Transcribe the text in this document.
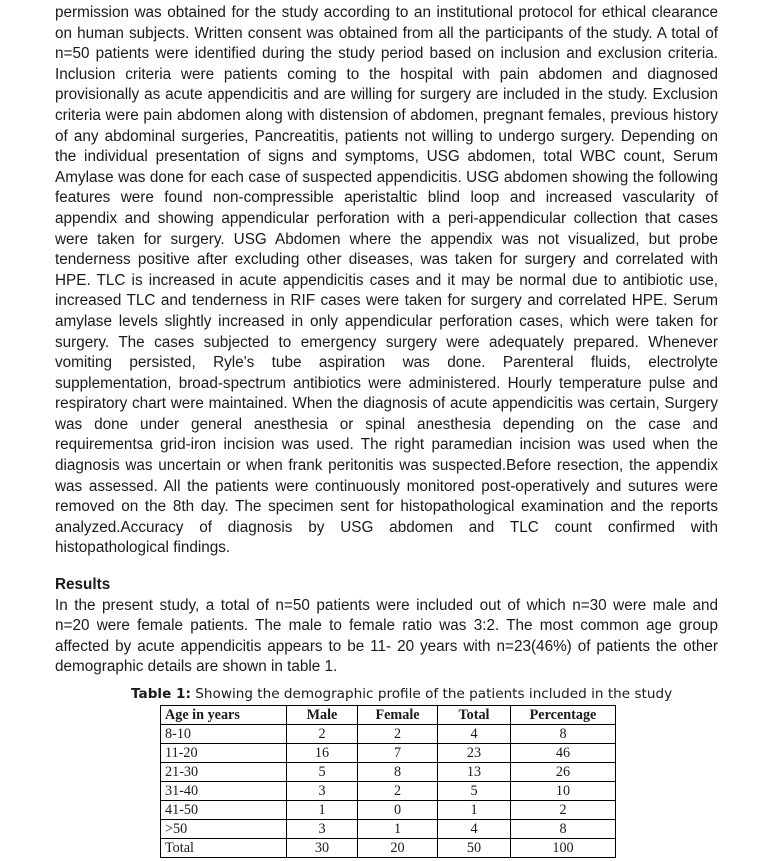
permission was obtained for the study according to an institutional protocol for ethical clearance on human subjects. Written consent was obtained from all the participants of the study. A total of n=50 patients were identified during the study period based on inclusion and exclusion criteria. Inclusion criteria were patients coming to the hospital with pain abdomen and diagnosed provisionally as acute appendicitis and are willing for surgery are included in the study. Exclusion criteria were pain abdomen along with distension of abdomen, pregnant females, previous history of any abdominal surgeries, Pancreatitis, patients not willing to undergo surgery. Depending on the individual presentation of signs and symptoms, USG abdomen, total WBC count, Serum Amylase was done for each case of suspected appendicitis. USG abdomen showing the following features were found non-compressible aperistaltic blind loop and increased vascularity of appendix and showing appendicular perforation with a peri-appendicular collection that cases were taken for surgery. USG Abdomen where the appendix was not visualized, but probe tenderness positive after excluding other diseases, was taken for surgery and correlated with HPE. TLC is increased in acute appendicitis cases and it may be normal due to antibiotic use, increased TLC and tenderness in RIF cases were taken for surgery and correlated HPE. Serum amylase levels slightly increased in only appendicular perforation cases, which were taken for surgery. The cases subjected to emergency surgery were adequately prepared. Whenever vomiting persisted, Ryle's tube aspiration was done. Parenteral fluids, electrolyte supplementation, broad-spectrum antibiotics were administered. Hourly temperature pulse and respiratory chart were maintained. When the diagnosis of acute appendicitis was certain, Surgery was done under general anesthesia or spinal anesthesia depending on the case and requirementsa grid-iron incision was used. The right paramedian incision was used when the diagnosis was uncertain or when frank peritonitis was suspected.Before resection, the appendix was assessed. All the patients were continuously monitored post-operatively and sutures were removed on the 8th day. The specimen sent for histopathological examination and the reports analyzed.Accuracy of diagnosis by USG abdomen and TLC count confirmed with histopathological findings.

Results

In the present study, a total of n=50 patients were included out of which n=30 were male and n=20 were female patients. The male to female ratio was 3:2. The most common age group affected by acute appendicitis appears to be 11- 20 years with n=23(46%) of patients the other demographic details are shown in table 1.

Table 1: Showing the demographic profile of the patients included in the study
Age in years	Male	Female	Total	Percentage
8-10	2	2	4	8
11-20	16	7	23	46
21-30	5	8	13	26
31-40	3	2	5	10
41-50	1	0	1	2
>50	3	1	4	8
Total	30	20	50	100
